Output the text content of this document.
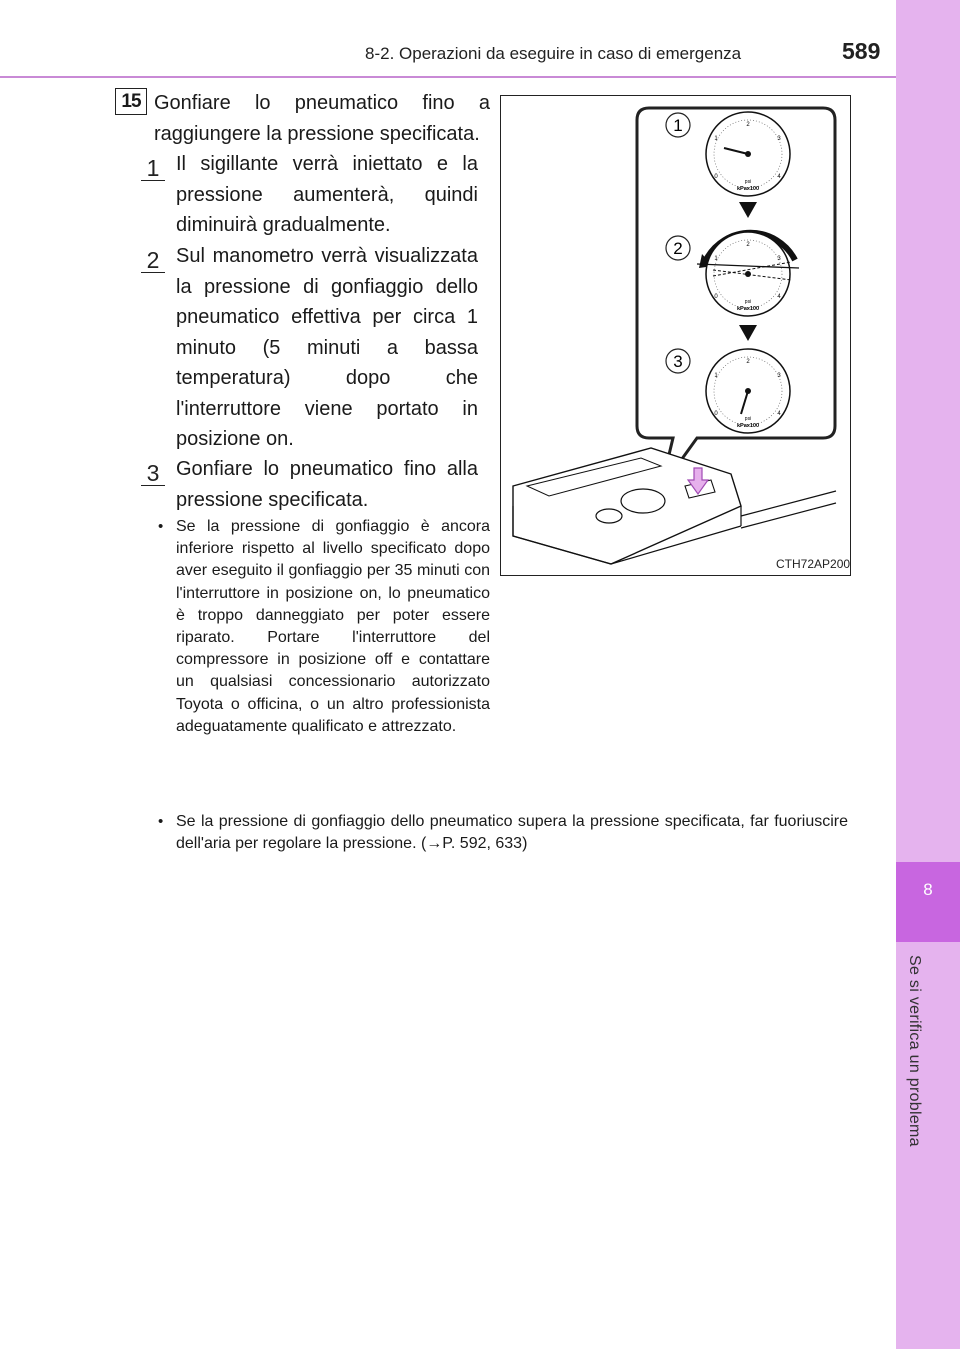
8-2. Operazioni da eseguire in caso di emergenza	589
8
Se si verifica un problema
15 Gonfiare lo pneumatico fino a raggiungere la pressione specificata.
1 Il sigillante verrà iniettato e la pressione aumenterà, quindi diminuirà gradualmente.
2 Sul manometro verrà visualizzata la pressione di gonfiaggio dello pneumatico effettiva per circa 1 minuto (5 minuti a bassa temperatura) dopo che l'interruttore viene portato in posizione on.
3 Gonfiare lo pneumatico fino alla pressione specificata.
• Se la pressione di gonfiaggio è ancora inferiore rispetto al livello specificato dopo aver eseguito il gonfiaggio per 35 minuti con l'interruttore in posizione on, lo pneumatico è troppo danneggiato per poter essere riparato. Portare l'interruttore del compressore in posizione off e contattare un qualsiasi concessionario autorizzato Toyota o officina, o un altro professionista adeguatamente qualificato e attrezzato.
• Se la pressione di gonfiaggio dello pneumatico supera la pressione specificata, far fuoriuscire dell'aria per regolare la pressione. (→P. 592, 633)
1
2
3
2
3
4
1
0
psi
kPax100
2
3
4
1
0
psi
kPax100
2
3
4
1
0
psi
kPax100
CTH72AP200
